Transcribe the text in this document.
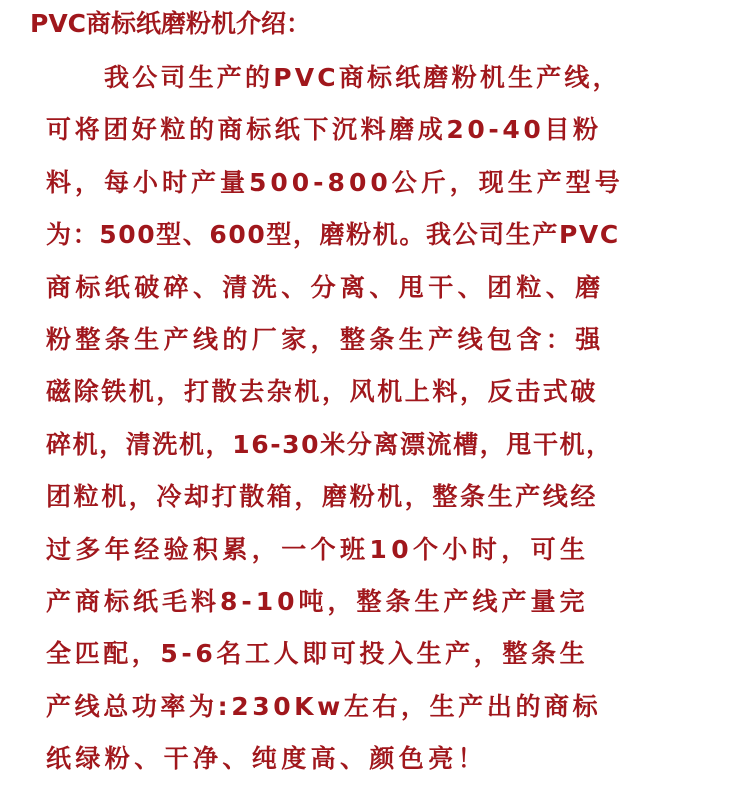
PVC商标纸磨粉机介绍：

我公司生产的PVC商标纸磨粉机生产线，

可将团好粒的商标纸下沉料磨成20-40目粉

料，每小时产量500-800公斤，现生产型号

为：500型、600型，磨粉机。我公司生产PVC

商标纸破碎、清洗、分离、甩干、团粒、磨

粉整条生产线的厂家，整条生产线包含：强

磁除铁机，打散去杂机，风机上料，反击式破

碎机，清洗机，16-30米分离漂流槽，甩干机，

团粒机，冷却打散箱，磨粉机，整条生产线经

过多年经验积累，一个班10个小时，可生

产商标纸毛料8-10吨，整条生产线产量完

全匹配，5-6名工人即可投入生产，整条生

产线总功率为:230Kw左右，生产出的商标

纸绿粉、干净、纯度高、颜色亮！
